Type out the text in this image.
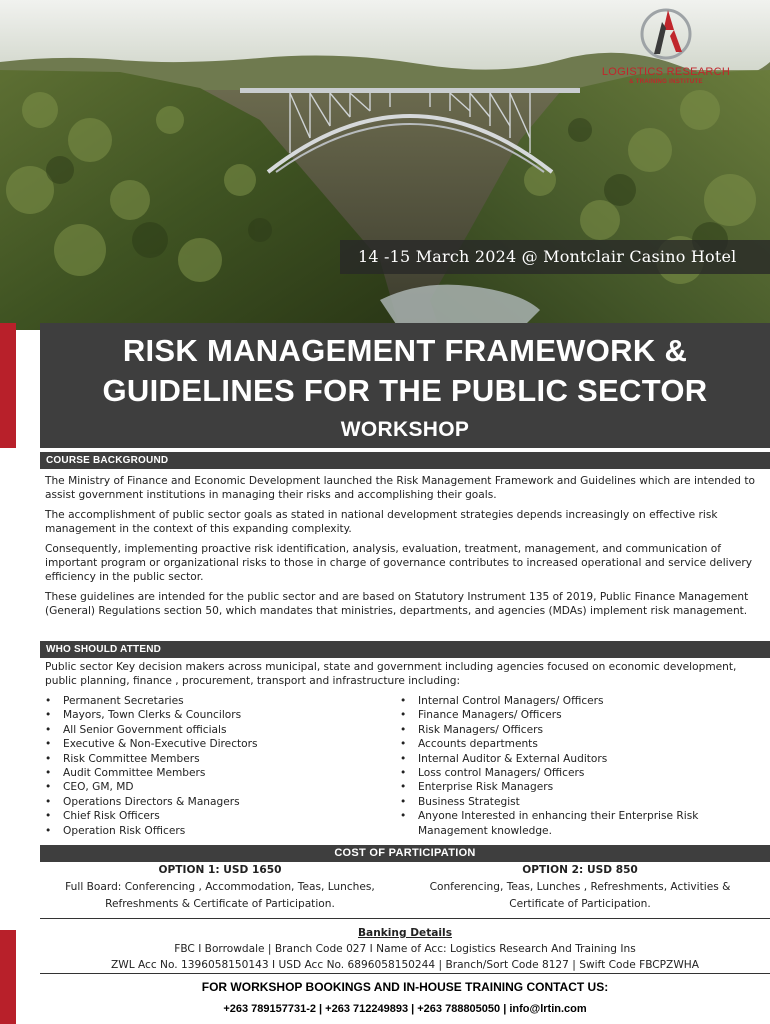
LOGISTICS RESEARCH
& TRAINING INSTITUTE
14 -15 March 2024 @ Montclair Casino Hotel
RISK MANAGEMENT FRAMEWORK &
GUIDELINES FOR THE PUBLIC SECTOR
WORKSHOP
COURSE BACKGROUND

The Ministry of Finance and Economic Development launched the Risk Management Framework and Guidelines which are intended to assist government institutions in managing their risks and accomplishing their goals.

The accomplishment of public sector goals as stated in national development strategies depends increasingly on effective risk management in the context of this expanding complexity.

Consequently, implementing proactive risk identification, analysis, evaluation, treatment, management, and communication of important program or organizational risks to those in charge of governance contributes to increased operational and service delivery efficiency in the public sector.

These guidelines are intended for the public sector and are based on Statutory Instrument 135 of 2019, Public Finance Management (General) Regulations section 50, which mandates that ministries, departments, and agencies (MDAs) implement risk management.

WHO SHOULD ATTEND
Public sector Key decision makers across municipal, state and government including agencies focused on economic development, public planning, finance , procurement, transport and infrastructure including:
• Permanent Secretaries
• Mayors, Town Clerks & Councilors
• All Senior Government officials
• Executive & Non-Executive Directors
• Risk Committee Members
• Audit Committee Members
• CEO, GM, MD
• Operations Directors & Managers
• Chief Risk Officers
• Operation Risk Officers
• Internal Control Managers/ Officers
• Finance Managers/ Officers
• Risk Managers/ Officers
• Accounts departments
• Internal Auditor & External Auditors
• Loss control Managers/ Officers
• Enterprise Risk Managers
• Business Strategist
• Anyone Interested in enhancing their Enterprise Risk Management knowledge.
COST OF PARTICIPATION
OPTION 1: USD 1650
Full Board: Conferencing , Accommodation, Teas, Lunches,
Refreshments & Certificate of Participation.
OPTION 2: USD 850
Conferencing, Teas, Lunches , Refreshments, Activities &
Certificate of Participation.
Banking Details
FBC I Borrowdale | Branch Code 027 I Name of Acc: Logistics Research And Training Ins
ZWL Acc No. 1396058150143 I USD Acc No. 6896058150244 | Branch/Sort Code 8127 | Swift Code FBCPZWHA
FOR WORKSHOP BOOKINGS AND IN-HOUSE TRAINING CONTACT US:
+263 789157731-2 | +263 712249893 | +263 788805050 | info@lrtin.com
